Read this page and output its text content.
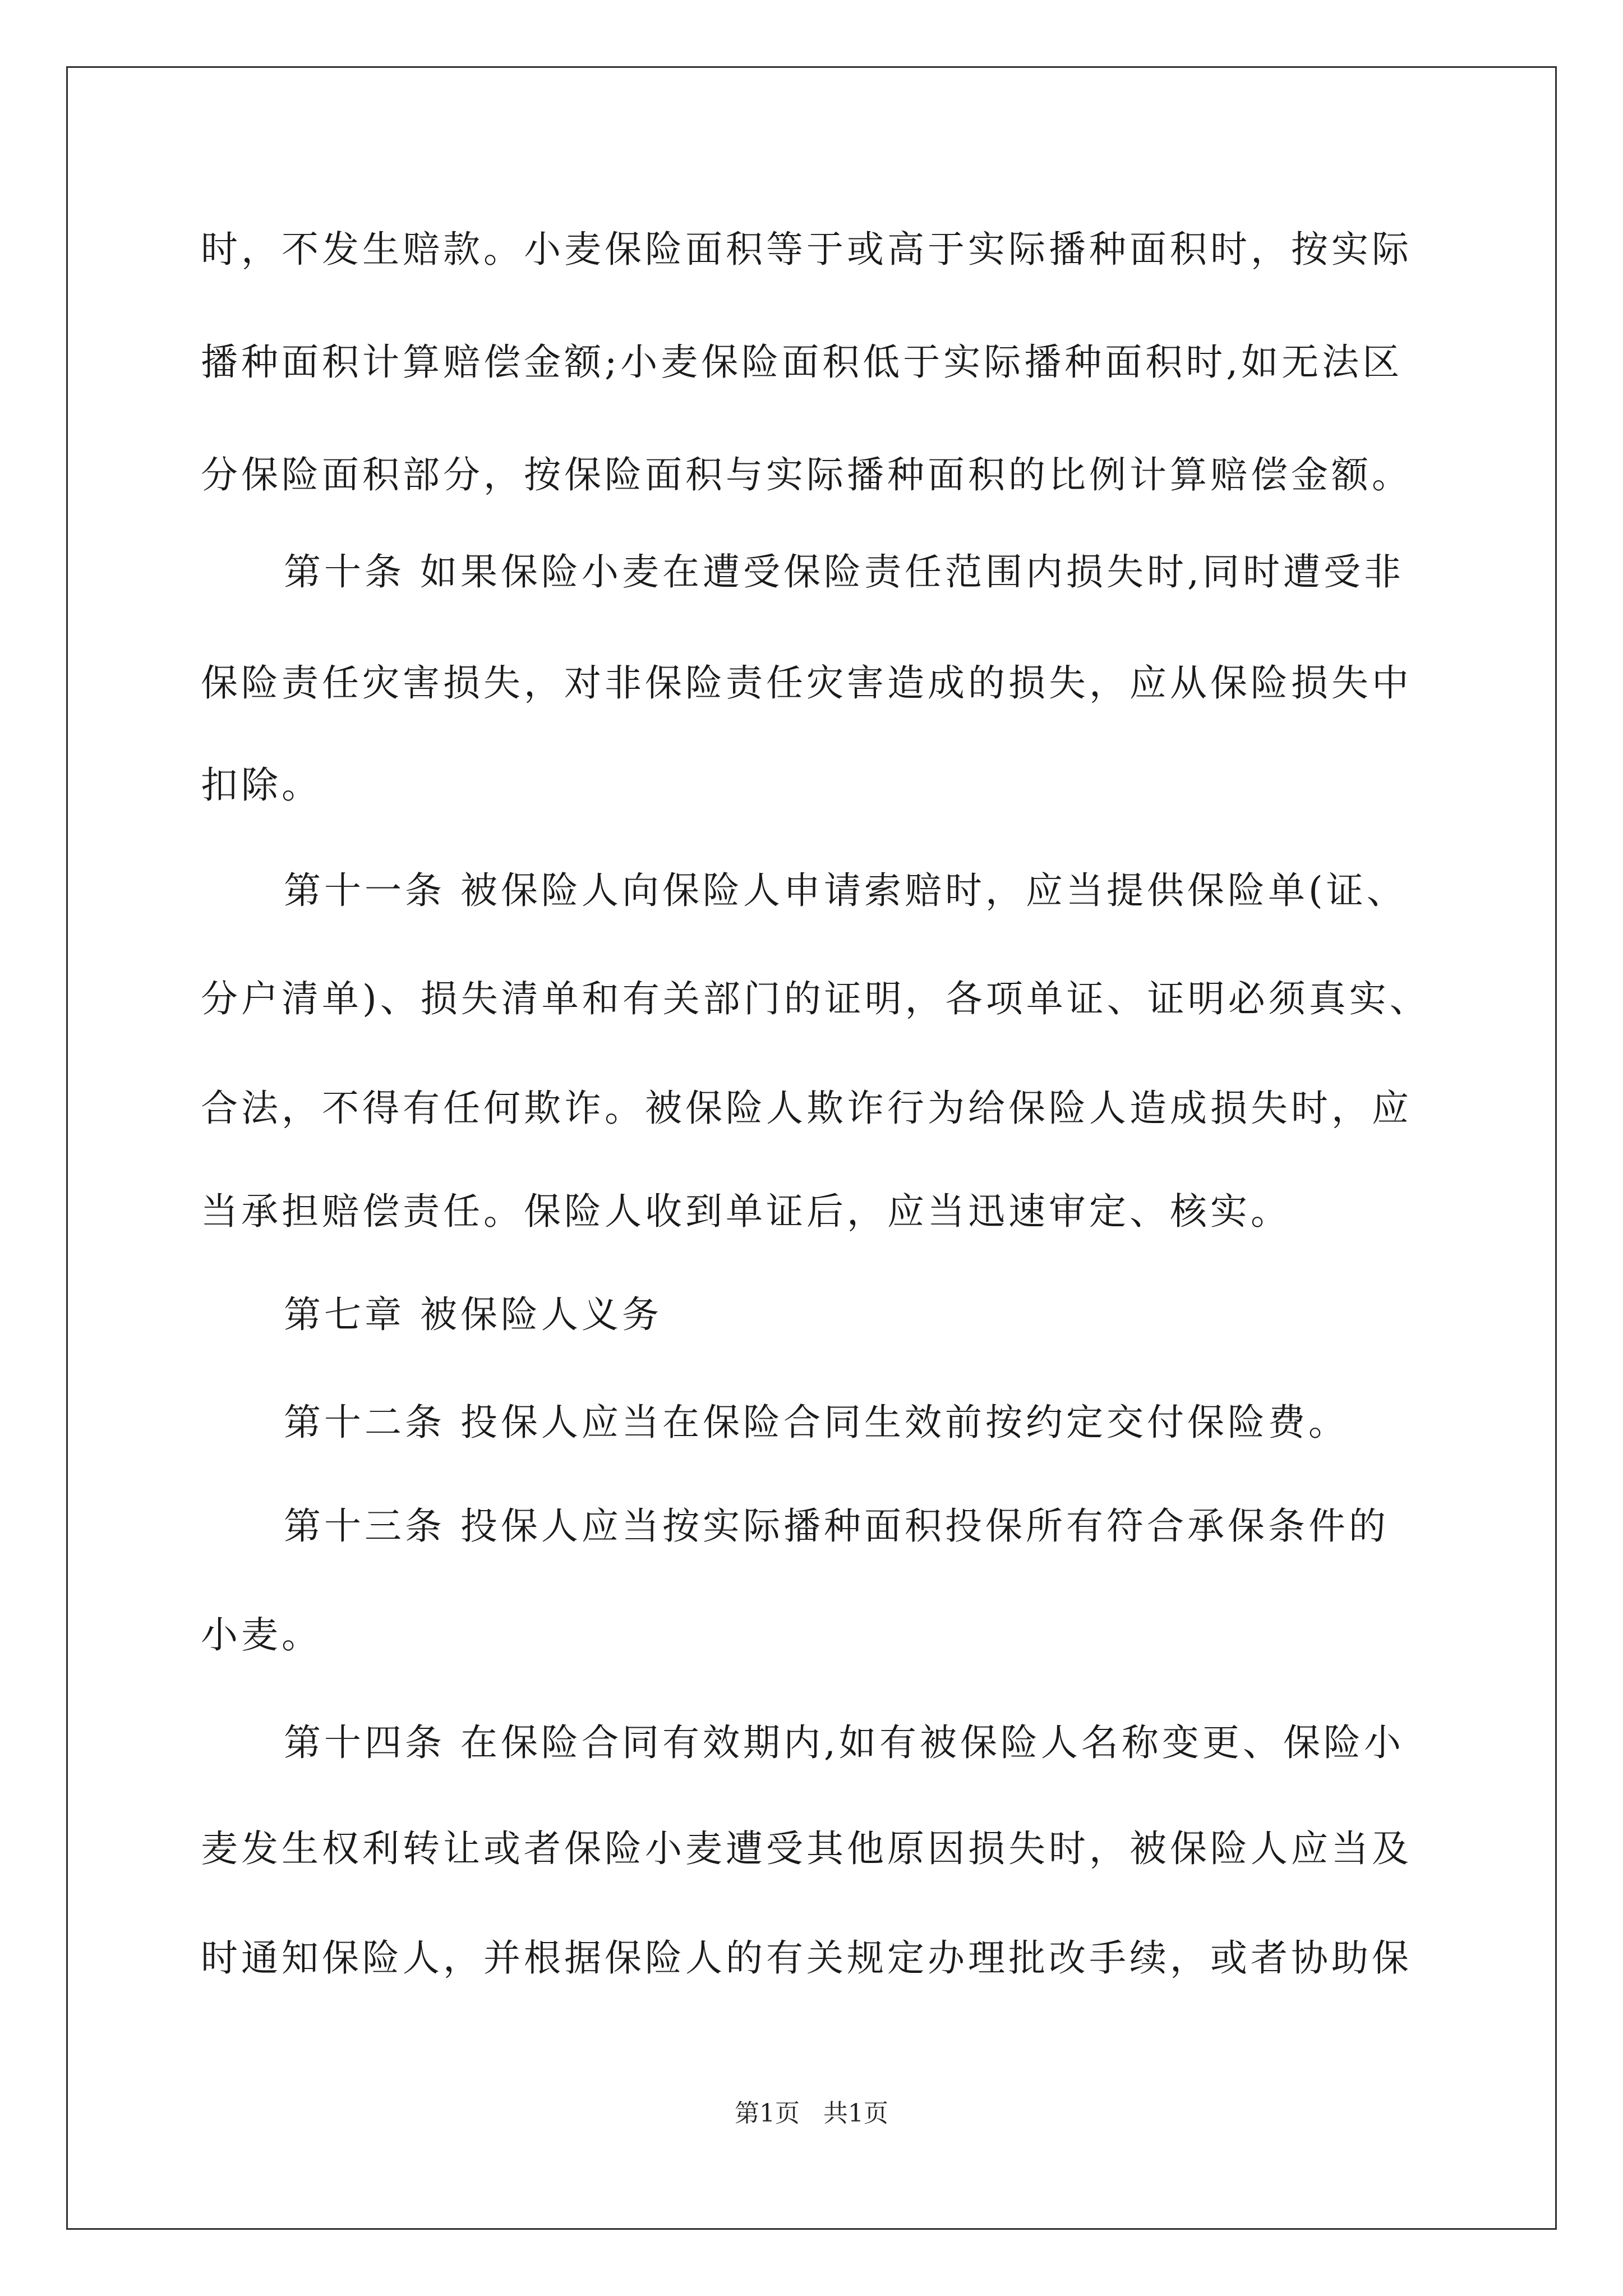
时，不发生赔款。小麦保险面积等于或高于实际播种面积时，按实际
播种面积计算赔偿金额;小麦保险面积低于实际播种面积时,如无法区
分保险面积部分，按保险面积与实际播种面积的比例计算赔偿金额。
第十条 如果保险小麦在遭受保险责任范围内损失时,同时遭受非
保险责任灾害损失，对非保险责任灾害造成的损失，应从保险损失中
扣除。
第十一条 被保险人向保险人申请索赔时，应当提供保险单(证、
分户清单)、损失清单和有关部门的证明，各项单证、证明必须真实、
合法，不得有任何欺诈。被保险人欺诈行为给保险人造成损失时，应
当承担赔偿责任。保险人收到单证后，应当迅速审定、核实。
第七章 被保险人义务
第十二条 投保人应当在保险合同生效前按约定交付保险费。
第十三条 投保人应当按实际播种面积投保所有符合承保条件的
小麦。
第十四条 在保险合同有效期内,如有被保险人名称变更、保险小
麦发生权利转让或者保险小麦遭受其他原因损失时，被保险人应当及
时通知保险人，并根据保险人的有关规定办理批改手续，或者协助保
第1页   共1页
